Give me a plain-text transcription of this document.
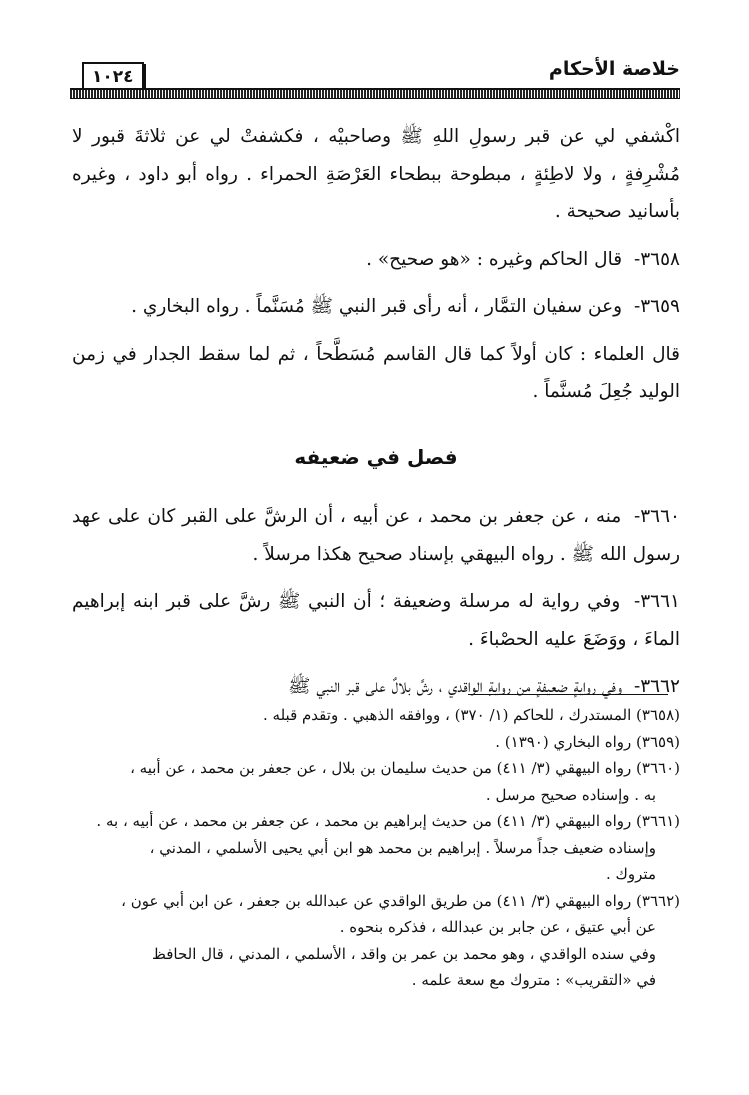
خلاصة الأحكام
١٠٢٤

اكْشفي لي عن قبر رسولِ اللهِ ﷺ وصاحبيْه ، فكشفتْ لي عن ثلاثةَ قبور لا مُشْرِفةٍ ، ولا لاطِئةٍ ، مبطوحة ببطحاء العَرْصَةِ الحمراء . رواه أبو داود ، وغيره بأسانيد صحيحة .

٣٦٥٨- قال الحاكم وغيره : «هو صحيح» .

٣٦٥٩- وعن سفيان التمَّار ، أنه رأى قبر النبي ﷺ مُسَنَّماً . رواه البخاري .

قال العلماء : كان أولاً كما قال القاسم مُسَطَّحاً ، ثم لما سقط الجدار في زمن الوليد جُعِلَ مُسنَّماً .

فصل في ضعيفه

٣٦٦٠- منه ، عن جعفر بن محمد ، عن أبيه ، أن الرشَّ على القبر كان على عهد رسول الله ﷺ . رواه البيهقي بإسناد صحيح هكذا مرسلاً .

٣٦٦١- وفي رواية له مرسلة وضعيفة ؛ أن النبي ﷺ رشَّ على قبر ابنه إبراهيم الماءَ ، ووَضَعَ عليه الحصْباءَ .

٣٦٦٢- وفي روايةٍ ضعيفةٍ من روايةِ الواقدي ، رشَّ بلالٌ على قبر النبي ﷺ

(٣٦٥٨) المستدرك ، للحاكم (١/ ٣٧٠) ، ووافقه الذهبي . وتقدم قبله .

(٣٦٥٩) رواه البخاري (١٣٩٠) .

(٣٦٦٠) رواه البيهقي (٣/ ٤١١) من حديث سليمان بن بلال ، عن جعفر بن محمد ، عن أبيه ،

به . وإسناده صحيح مرسل .

(٣٦٦١) رواه البيهقي (٣/ ٤١١) من حديث إبراهيم بن محمد ، عن جعفر بن محمد ، عن أبيه ، به .

وإسناده ضعيف جداً مرسلاً . إبراهيم بن محمد هو ابن أبي يحيى الأسلمي ، المدني ،

متروك .

(٣٦٦٢) رواه البيهقي (٣/ ٤١١) من طريق الواقدي عن عبدالله بن جعفر ، عن ابن أبي عون ،

عن أبي عتيق ، عن جابر بن عبدالله ، فذكره بنحوه .

وفي سنده الواقدي ، وهو محمد بن عمر بن واقد ، الأسلمي ، المدني ، قال الحافظ

في «التقريب» : متروك مع سعة علمه .
